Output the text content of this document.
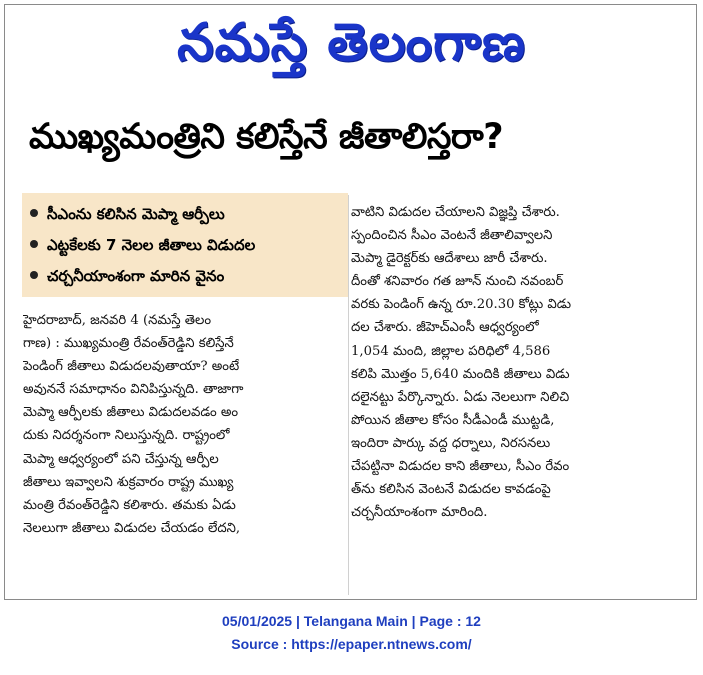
నమస్తే తెలంగాణ
ముఖ్యమంత్రిని కలిస్తేనే జీతాలిస్తరా?
సీఎంను కలిసిన మెప్మా ఆర్పీలు
ఎట్టకేలకు 7 నెలల జీతాలు విడుదల
చర్చనీయాంశంగా మారిన వైనం
హైదరాబాద్, జనవరి 4 (నమస్తే తెలం
గాణ) : ముఖ్యమంత్రి రేవంత్‌రెడ్డిని కలిస్తేనే
పెండింగ్ జీతాలు విడుదలవుతాయా? అంటే
అవుననే సమాధానం వినిపిస్తున్నది. తాజాగా
మెప్మా ఆర్పీలకు జీతాలు విడుదలవడం అం
దుకు నిదర్శనంగా నిలుస్తున్నది. రాష్ట్రంలో
మెప్మా ఆధ్వర్యంలో పని చేస్తున్న ఆర్పీల
జీతాలు ఇవ్వాలని శుక్రవారం రాష్ట్ర ముఖ్య
మంత్రి రేవంత్‌రెడ్డిని కలిశారు. తమకు ఏడు
నెలలుగా జీతాలు విడుదల చేయడం లేదని,
వాటిని విడుదల చేయాలని విజ్ఞప్తి చేశారు.
స్పందించిన సీఎం వెంటనే జీతాలివ్వాలని
మెప్మా డైరెక్టర్‌కు ఆదేశాలు జారీ చేశారు.
దీంతో శనివారం గత జూన్ నుంచి నవంబర్
వరకు పెండింగ్ ఉన్న రూ.20.30 కోట్లు విడు
దల చేశారు. జీహెచ్‌ఎంసీ ఆధ్వర్యంలో
1,054 మంది, జిల్లాల పరిధిలో 4,586
కలిపి మొత్తం 5,640 మందికి జీతాలు విడు
దలైనట్టు పేర్కొన్నారు. ఏడు నెలలుగా నిలిచి
పోయిన జీతాల కోసం సీడీఎండీ ముట్టడి,
ఇందిరా పార్కు వద్ద ధర్నాలు, నిరసనలు
చేపట్టినా విడుదల కాని జీతాలు, సీఎం రేవం
త్‌ను కలిసిన వెంటనే విడుదల కావడంపై
చర్చనీయాంశంగా మారింది.
05/01/2025 | Telangana Main | Page : 12
Source : https://epaper.ntnews.com/
